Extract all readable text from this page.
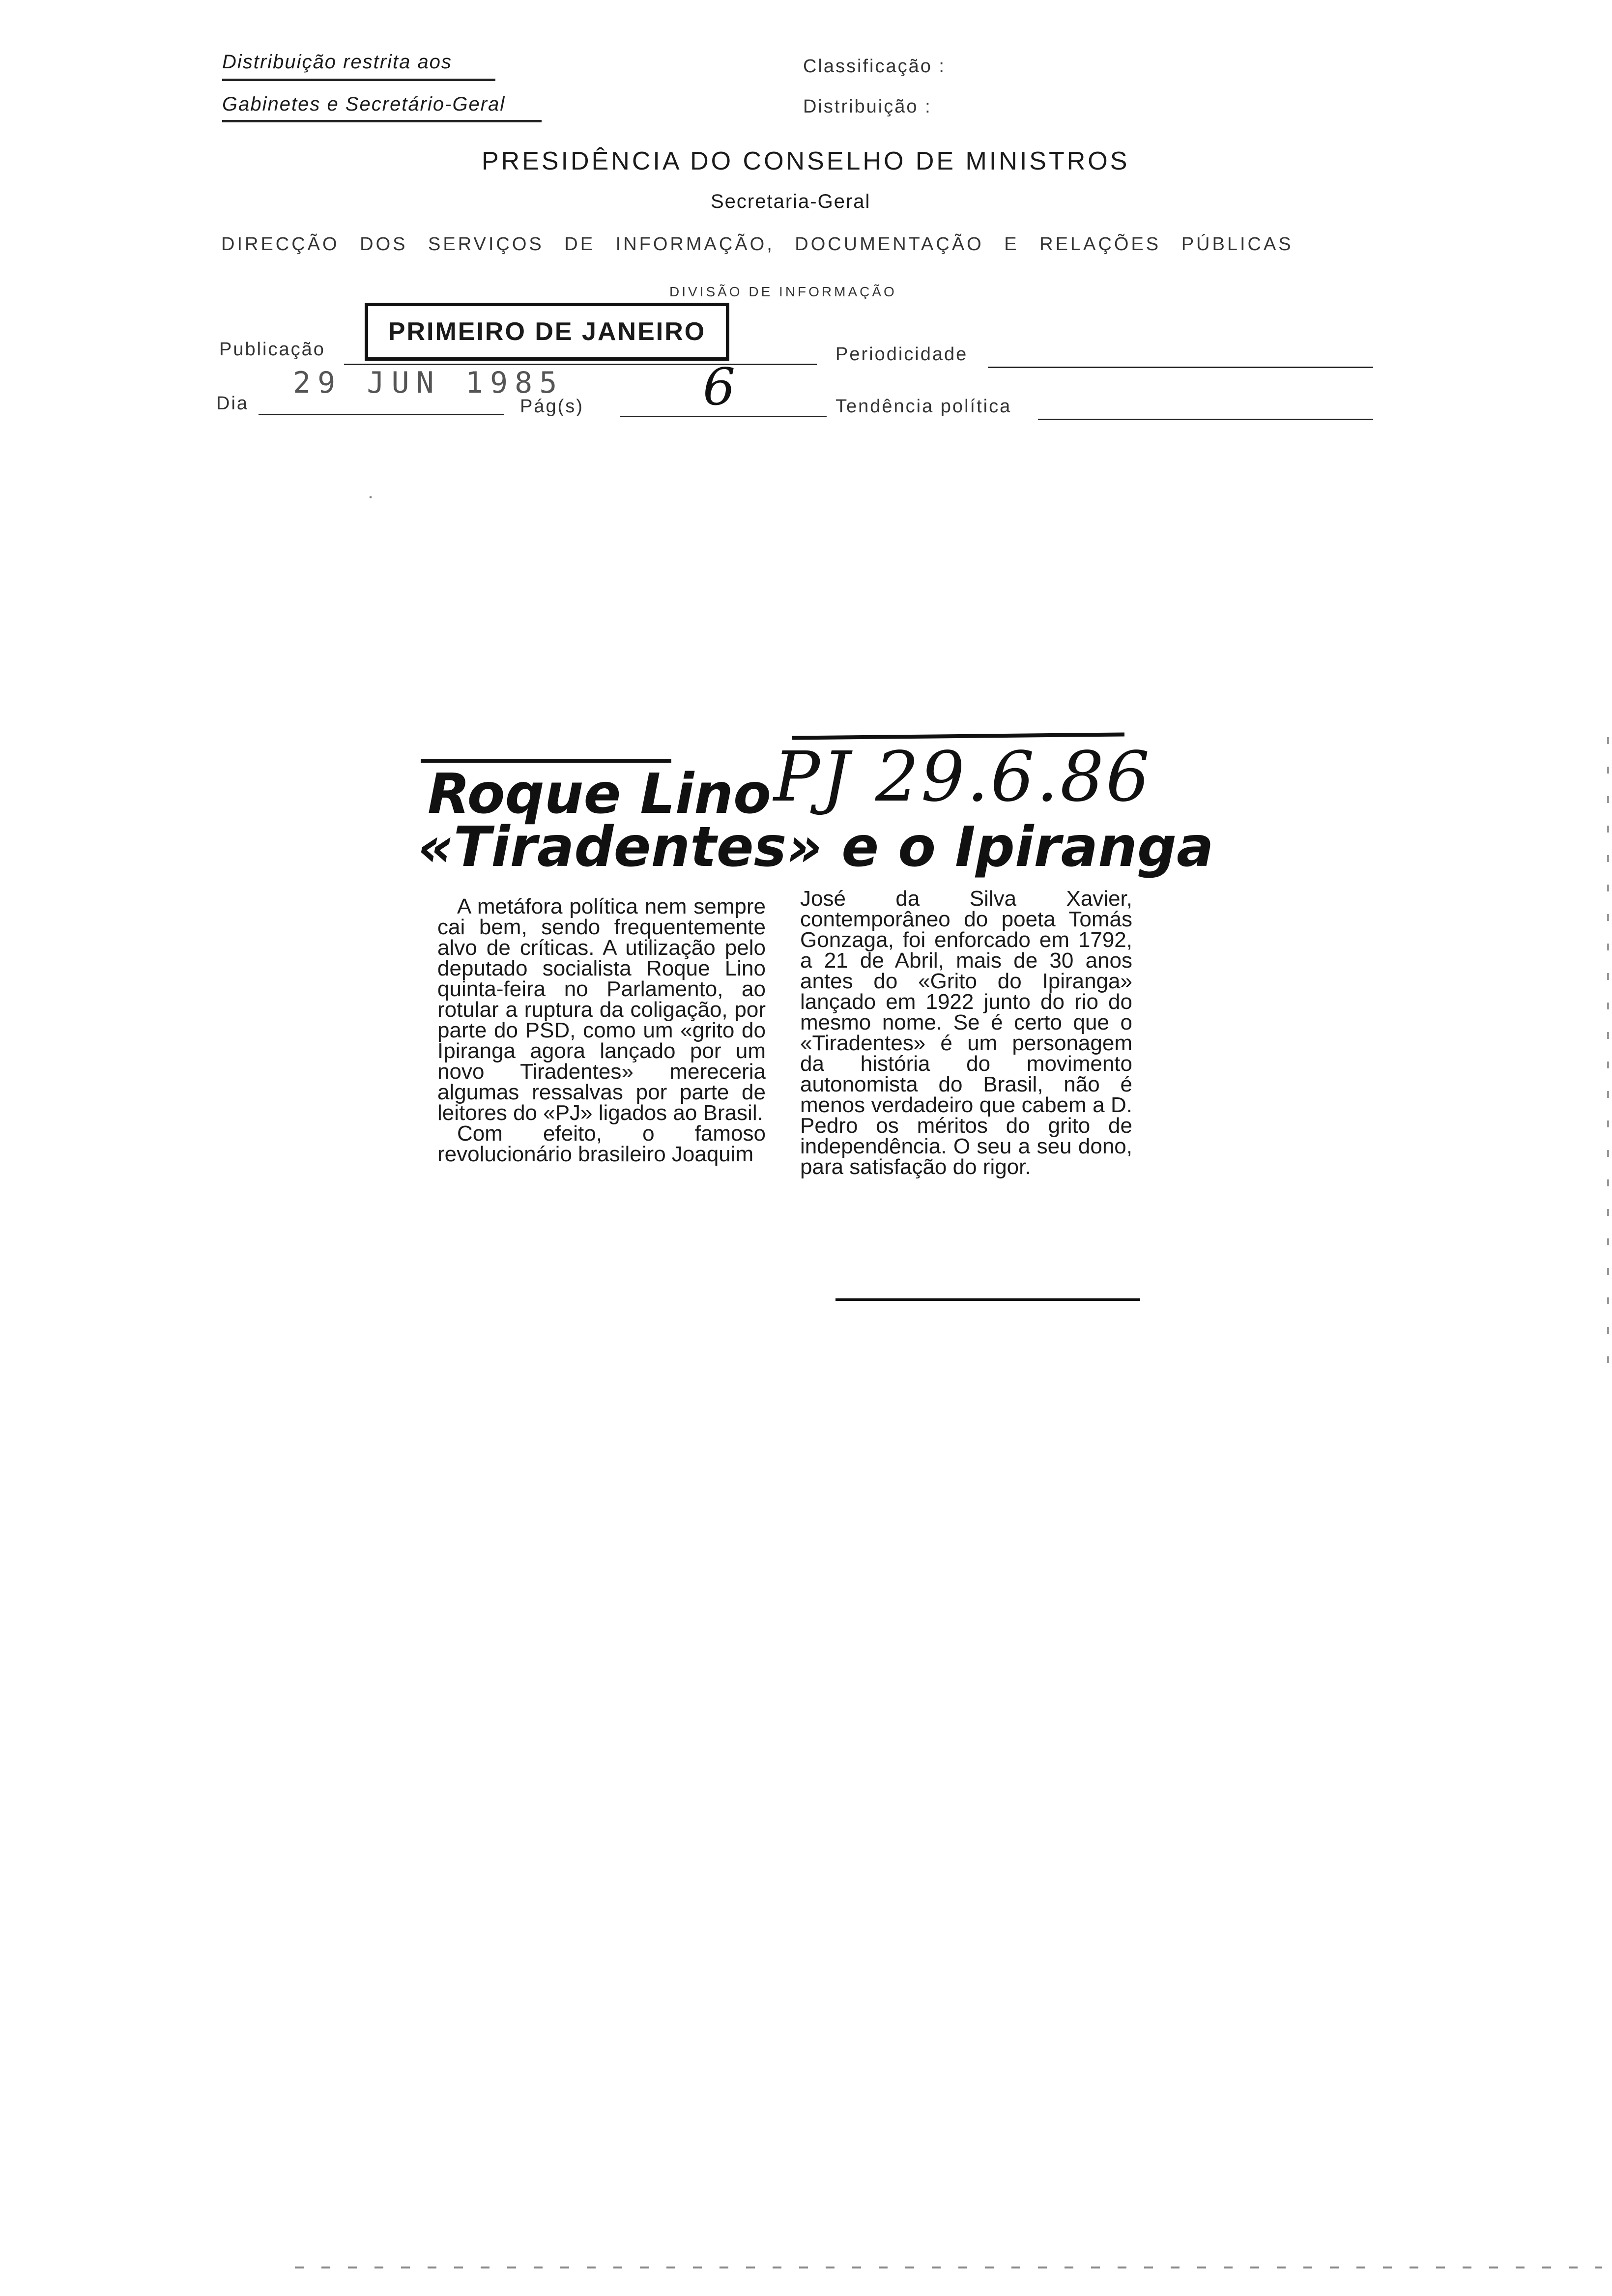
Distribuição restrita aos
Gabinetes e Secretário-Geral
Classificação :
Distribuição :
PRESIDÊNCIA DO CONSELHO DE MINISTROS
Secretaria-Geral
DIRECÇÃO DOS SERVIÇOS DE INFORMAÇÃO, DOCUMENTAÇÃO E RELAÇÕES PÚBLICAS
DIVISÃO DE INFORMAÇÃO
Publicação
PRIMEIRO DE JANEIRO
Periodicidade
Dia
29 JUN 1985
Pág(s) 6	Tendência política
Roque Lino PJ 29.6.86
«Tiradentes» e o Ipiranga

A metáfora política nem sempre cai bem, sendo frequentemente alvo de críticas. A utilização pelo deputado socialista Roque Lino quinta-feira no Parlamento, ao rotular a ruptura da coligação, por parte do PSD, como um «grito do Ipiranga agora lançado por um novo Tiradentes» mereceria algumas ressalvas por parte de leitores do «PJ» ligados ao Brasil.

Com efeito, o famoso revolucionário brasileiro Joaquim

José da Silva Xavier, contemporâneo do poeta Tomás Gonzaga, foi enforcado em 1792, a 21 de Abril, mais de 30 anos antes do «Grito do Ipiranga» lançado em 1922 junto do rio do mesmo nome. Se é certo que o «Tiradentes» é um personagem da história do movimento autonomista do Brasil, não é menos verdadeiro que cabem a D. Pedro os méritos do grito de independência. O seu a seu dono, para satisfação do rigor.
